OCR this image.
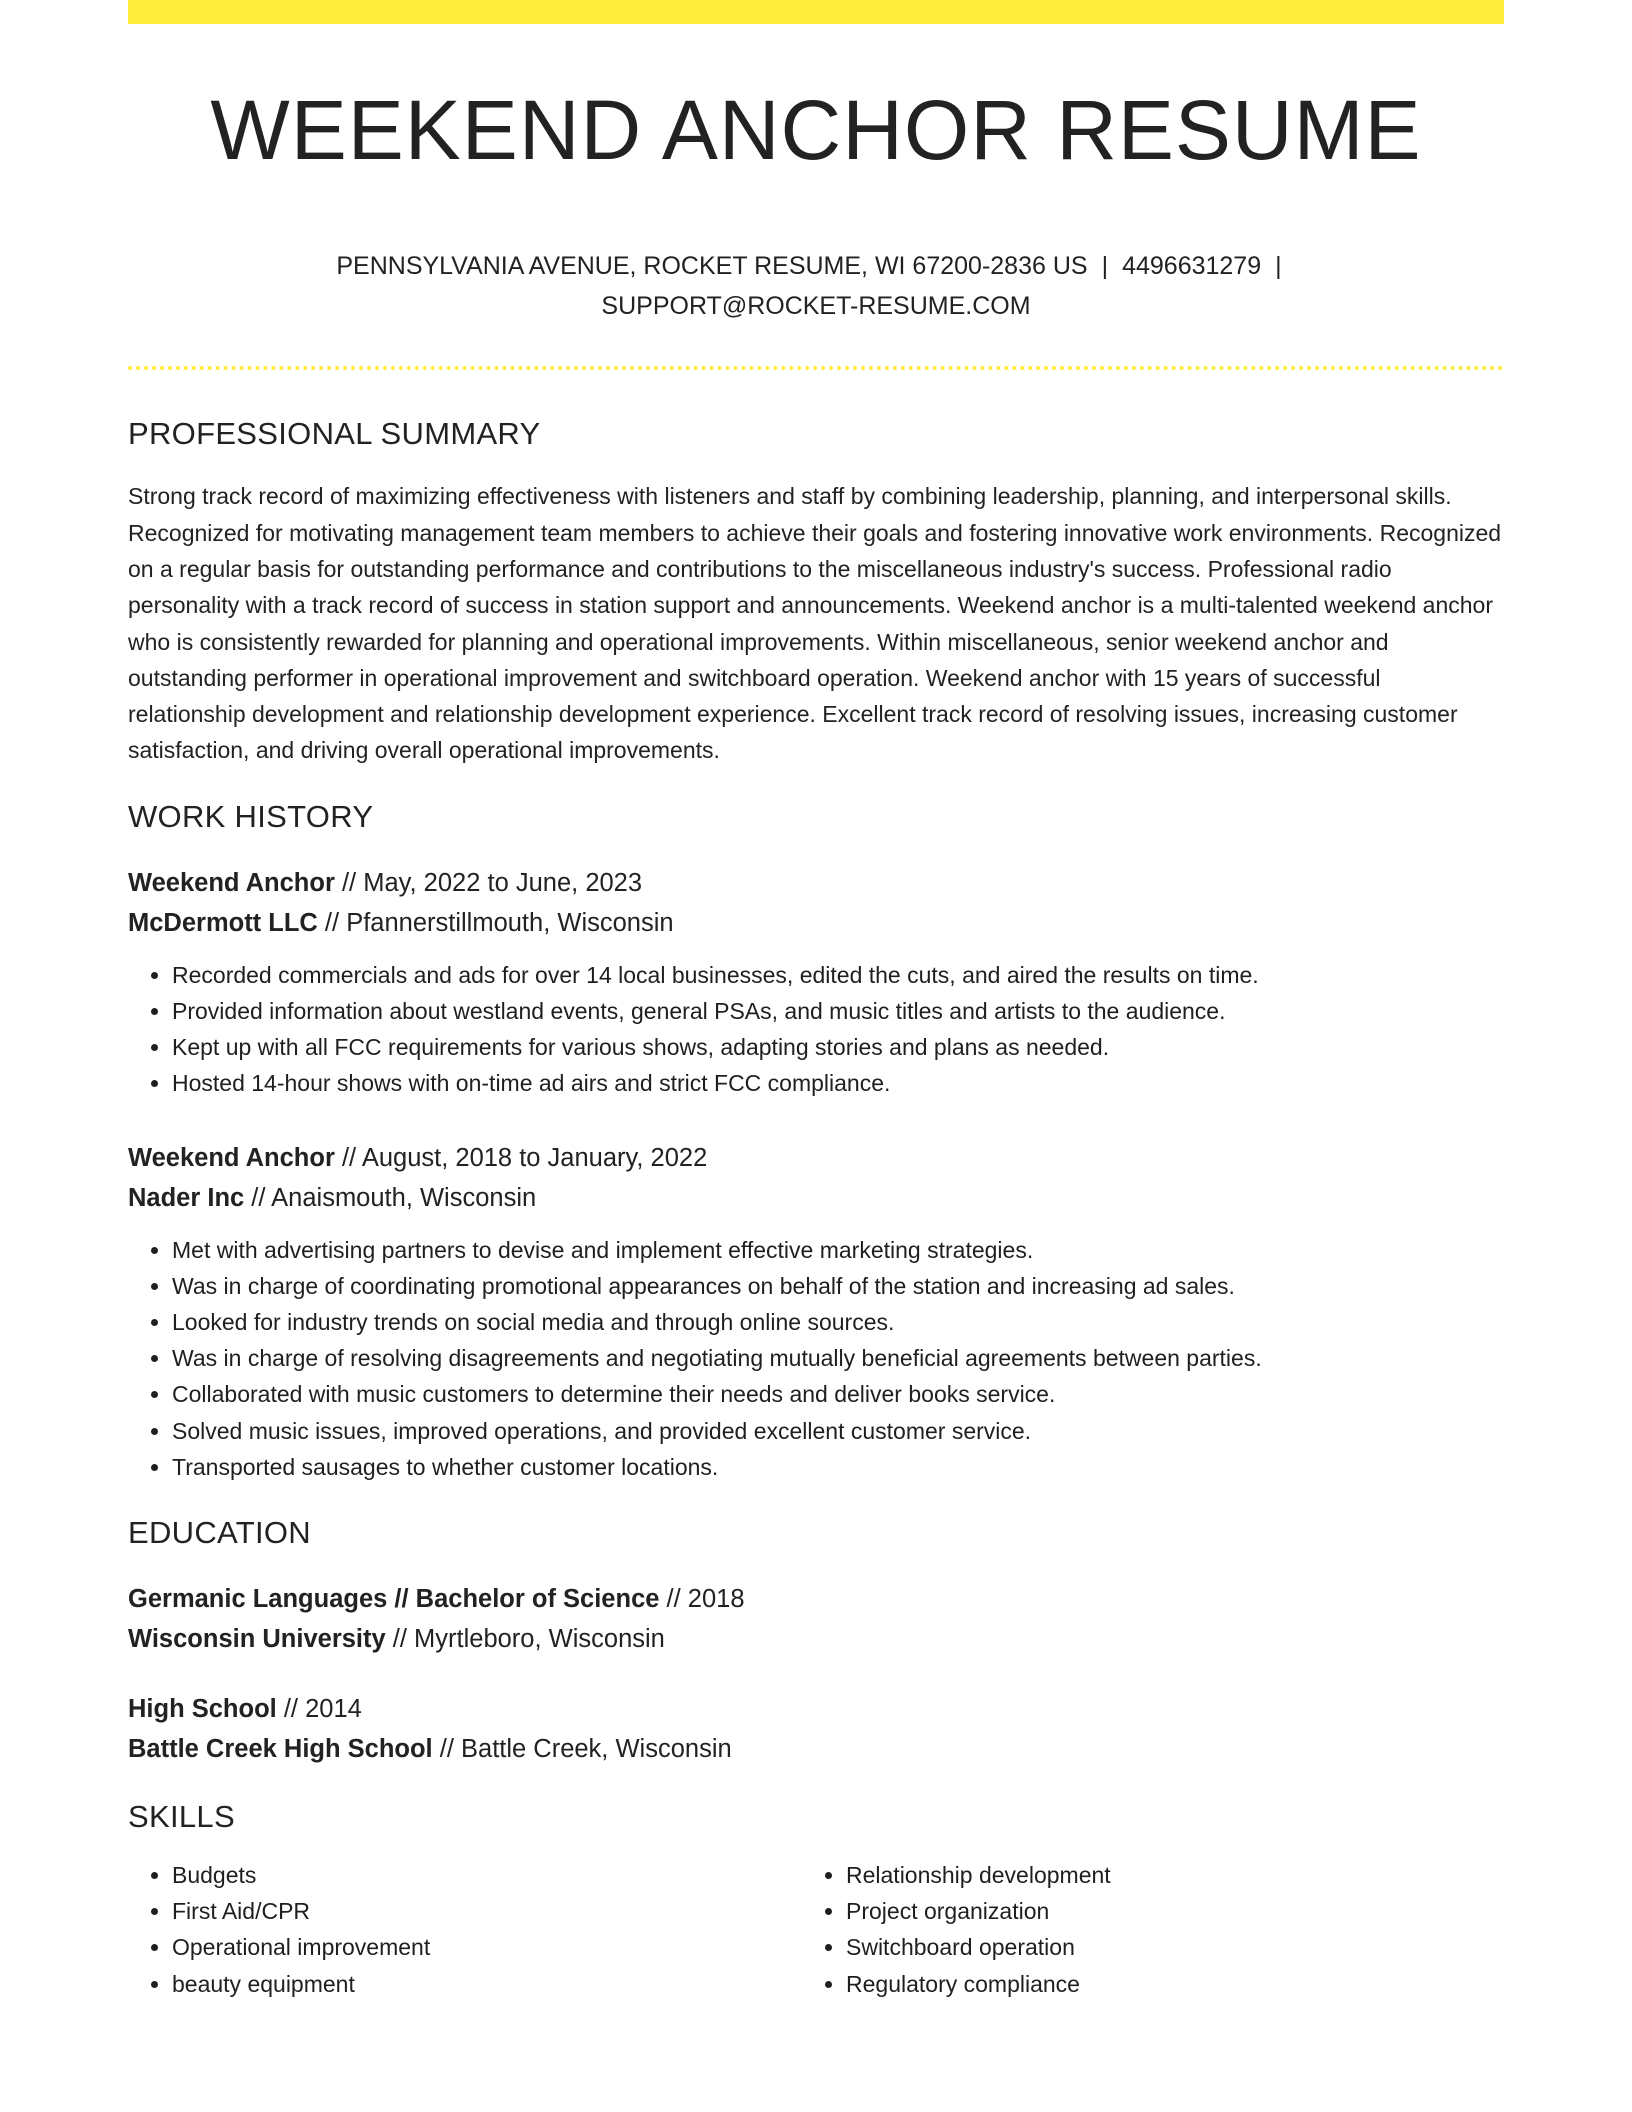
WEEKEND ANCHOR RESUME
PENNSYLVANIA AVENUE, ROCKET RESUME, WI 67200-2836 US | 4496631279 |
SUPPORT@ROCKET-RESUME.COM
PROFESSIONAL SUMMARY

Strong track record of maximizing effectiveness with listeners and staff by combining leadership, planning, and interpersonal skills. Recognized for motivating management team members to achieve their goals and fostering innovative work environments. Recognized on a regular basis for outstanding performance and contributions to the miscellaneous industry's success. Professional radio personality with a track record of success in station support and announcements. Weekend anchor is a multi-talented weekend anchor who is consistently rewarded for planning and operational improvements. Within miscellaneous, senior weekend anchor and outstanding performer in operational improvement and switchboard operation. Weekend anchor with 15 years of successful relationship development and relationship development experience. Excellent track record of resolving issues, increasing customer satisfaction, and driving overall operational improvements.

WORK HISTORY
Weekend Anchor // May, 2022 to June, 2023
McDermott LLC // Pfannerstillmouth, Wisconsin
• Recorded commercials and ads for over 14 local businesses, edited the cuts, and aired the results on time.
• Provided information about westland events, general PSAs, and music titles and artists to the audience.
• Kept up with all FCC requirements for various shows, adapting stories and plans as needed.
• Hosted 14-hour shows with on-time ad airs and strict FCC compliance.
Weekend Anchor // August, 2018 to January, 2022
Nader Inc // Anaismouth, Wisconsin
• Met with advertising partners to devise and implement effective marketing strategies.
• Was in charge of coordinating promotional appearances on behalf of the station and increasing ad sales.
• Looked for industry trends on social media and through online sources.
• Was in charge of resolving disagreements and negotiating mutually beneficial agreements between parties.
• Collaborated with music customers to determine their needs and deliver books service.
• Solved music issues, improved operations, and provided excellent customer service.
• Transported sausages to whether customer locations.
EDUCATION
Germanic Languages // Bachelor of Science // 2018
Wisconsin University // Myrtleboro, Wisconsin
High School // 2014
Battle Creek High School // Battle Creek, Wisconsin
SKILLS
• Budgets
• First Aid/CPR
• Operational improvement
• beauty equipment
• Relationship development
• Project organization
• Switchboard operation
• Regulatory compliance
